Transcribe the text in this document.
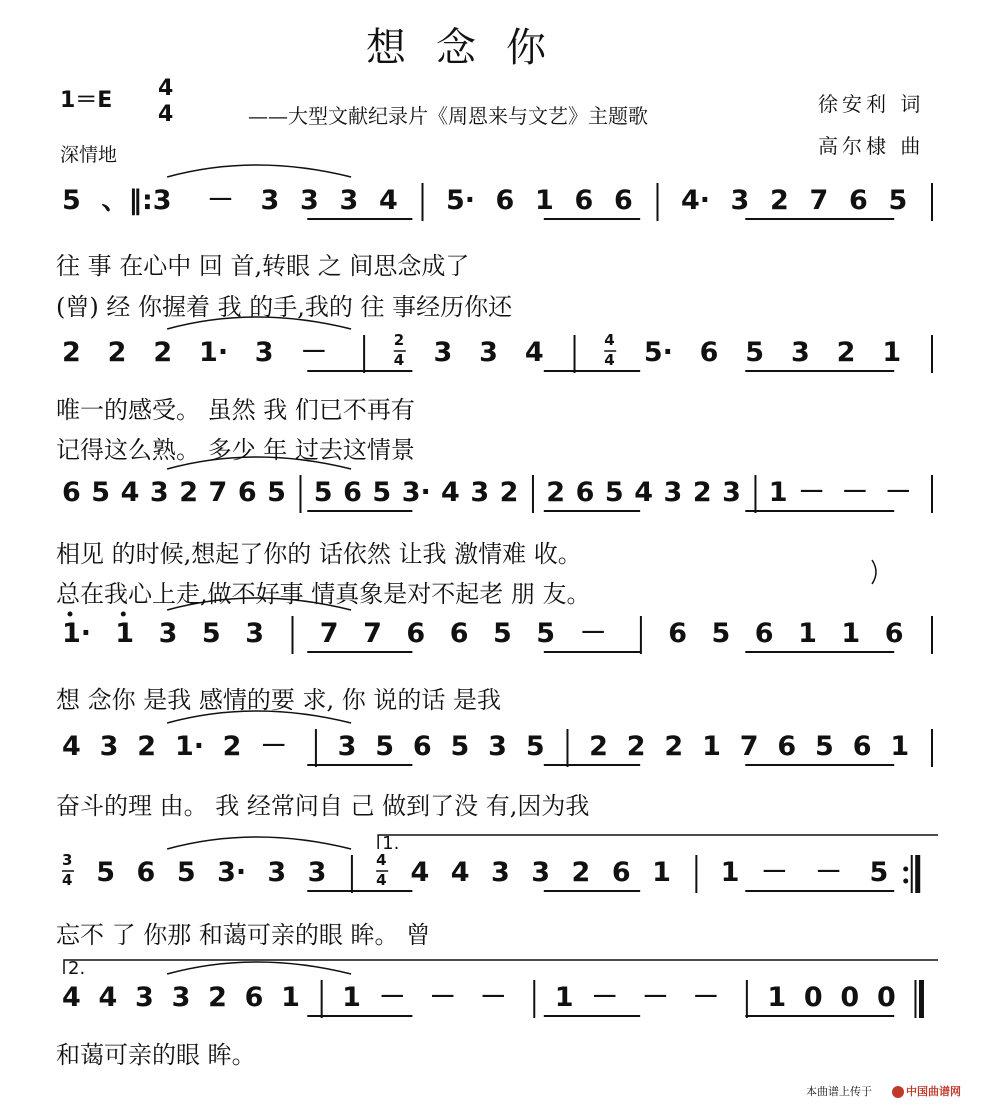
想念你
1＝E 4
4	——大型文献纪录片《周恩来与文艺》主题歌	徐安利 词
高尔棣 曲
深情地
本曲谱上传于	中国曲谱网
5 、‖:3 － 3 3 3 4 5· 6 1 6 6 4· 3 2 7 6 5
往 事 在心中 回 首,转眼 之 间思念成了
(曾) 经 你握着 我 的手,我的 往 事经历你还
2 2 2 1· 3 －	2
4 3 3 4	4
4 5· 6 5 3 2 1
唯一的感受。 虽然 我 们已不再有
记得这么熟。 多少 年 过去这情景
6 5 4 3 2 7 6 5 5 6 5 3· 4 3 2 2 6 5 4 3 2 3 1 － － －
相见 的时候,想起了你的 话依然 让我 激情难 收。
总在我心上走,做不好事 情真象是对不起老 朋 友。
1· 1 3 5 3 7 7 6 6 5 5 － 6 5 6 1 1 6
想 念你 是我 感情的要 求, 你 说的话 是我
4 3 2 1· 2 － 3 5 6 5 3 5 2 2 2 1 7 6 5 6 1
奋斗的理 由。 我 经常问自 己 做到了没 有,因为我
3
4 5 6 5 3· 3 3
1.
4
4 4 4 3 3 2 6 1 1 － － 5
忘不 了 你那 和蔼可亲的眼 眸。 曾
2.
4 4 3 3 2 6 1 1 － － － 1 － － － 1 0 0 0
和蔼可亲的眼 眸。
